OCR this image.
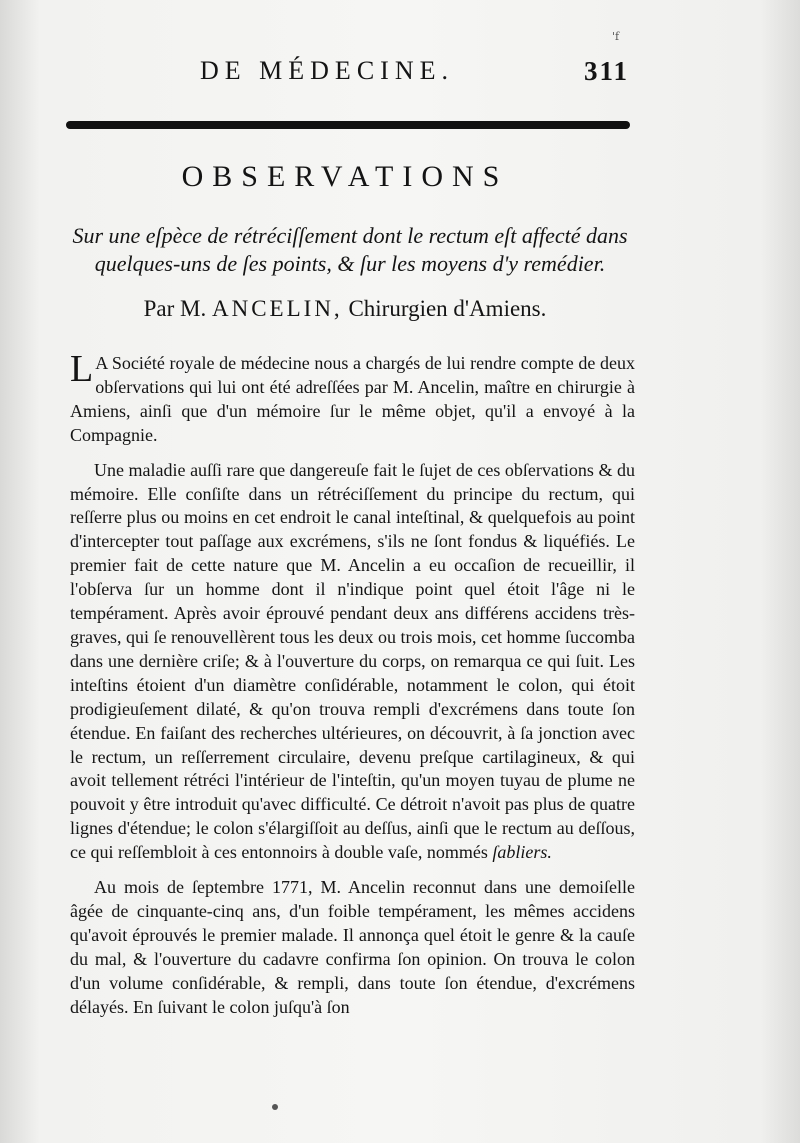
'f
DE MÉDECINE.	311
OBSERVATIONS
Sur une eſpèce de rétréciſſement dont le rectum eſt affecté dans quelques-uns de ſes points, & ſur les moyens d'y remédier.
Par M. ANCELIN, Chirurgien d'Amiens.

L A Société royale de médecine nous a chargés de lui rendre compte de deux obſervations qui lui ont été adreſſées par M. Ancelin, maître en chirurgie à Amiens, ainſi que d'un mémoire ſur le même objet, qu'il a envoyé à la Compagnie.

Une maladie auſſi rare que dangereuſe fait le ſujet de ces obſervations & du mémoire. Elle conſiſte dans un rétréciſſement du principe du rectum, qui reſſerre plus ou moins en cet endroit le canal inteſtinal, & quelquefois au point d'intercepter tout paſſage aux excrémens, s'ils ne ſont fondus & liquéfiés. Le premier fait de cette nature que M. Ancelin a eu occaſion de recueillir, il l'obſerva ſur un homme dont il n'indique point quel étoit l'âge ni le tempérament. Après avoir éprouvé pendant deux ans différens accidens très-graves, qui ſe renouvellèrent tous les deux ou trois mois, cet homme ſuccomba dans une dernière criſe; & à l'ouverture du corps, on remarqua ce qui ſuit. Les inteſtins étoient d'un diamètre conſidérable, notamment le colon, qui étoit prodigieuſement dilaté, & qu'on trouva rempli d'excrémens dans toute ſon étendue. En faiſant des recherches ultérieures, on découvrit, à ſa jonction avec le rectum, un reſſerrement circulaire, devenu preſque cartilagineux, & qui avoit tellement rétréci l'intérieur de l'inteſtin, qu'un moyen tuyau de plume ne pouvoit y être introduit qu'avec difficulté. Ce détroit n'avoit pas plus de quatre lignes d'étendue; le colon s'élargiſſoit au deſſus, ainſi que le rectum au deſſous, ce qui reſſembloit à ces entonnoirs à double vaſe, nommés ſabliers.

Au mois de ſeptembre 1771, M. Ancelin reconnut dans une demoiſelle âgée de cinquante-cinq ans, d'un foible tempérament, les mêmes accidens qu'avoit éprouvés le premier malade. Il annonça quel étoit le genre & la cauſe du mal, & l'ouverture du cadavre confirma ſon opinion. On trouva le colon d'un volume conſidérable, & rempli, dans toute ſon étendue, d'excrémens délayés. En ſuivant le colon juſqu'à ſon
